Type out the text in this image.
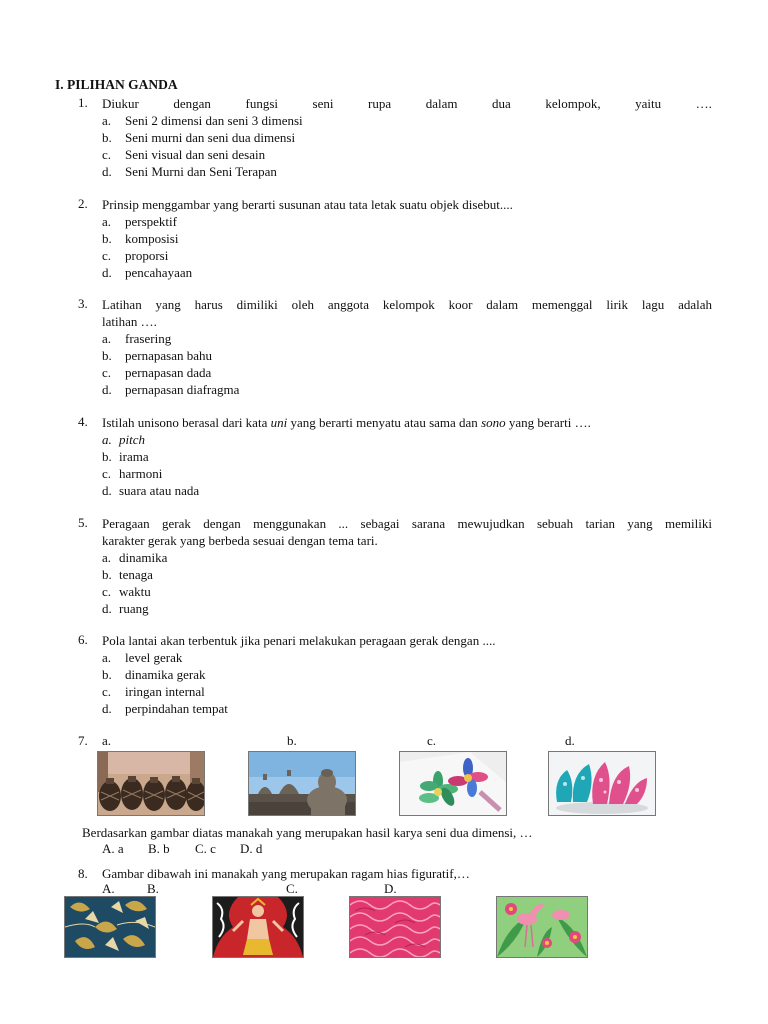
I. PILIHAN GANDA
1. Diukur	dengan	fungsi	seni	rupa	dalam	dua	kelompok,	yaitu	….
a. Seni 2 dimensi dan seni 3 dimensi
b. Seni murni dan seni dua dimensi
c. Seni visual dan seni desain
d. Seni Murni dan Seni Terapan
2. Prinsip menggambar yang berarti susunan atau tata letak suatu objek disebut....
a. perspektif
b. komposisi
c. proporsi
d. pencahayaan
3. Latihan yang harus dimiliki oleh anggota kelompok koor dalam memenggal lirik lagu adalah
latihan ….
a. frasering
b. pernapasan bahu
c. pernapasan dada
d. pernapasan diafragma
4. Istilah unisono berasal dari kata uni yang berarti menyatu atau sama dan sono yang berarti ….
a. pitch
b. irama
c. harmoni
d. suara atau nada
5. Peragaan gerak dengan menggunakan ... sebagai sarana mewujudkan sebuah tarian yang memiliki
karakter gerak yang berbeda sesuai dengan tema tari.
a. dinamika
b. tenaga
c. waktu
d. ruang
6. Pola lantai akan terbentuk jika penari melakukan peragaan gerak dengan ....
a. level gerak
b. dinamika gerak
c. iringan internal
d. perpindahan tempat
7. a.	b.	c.	d.
Berdasarkan gambar diatas manakah yang merupakan hasil karya seni dua dimensi, …
A. a B. b C. c D. d
8. Gambar dibawah ini manakah yang merupakan ragam hias figuratif,…
A. B.	C.	D.
